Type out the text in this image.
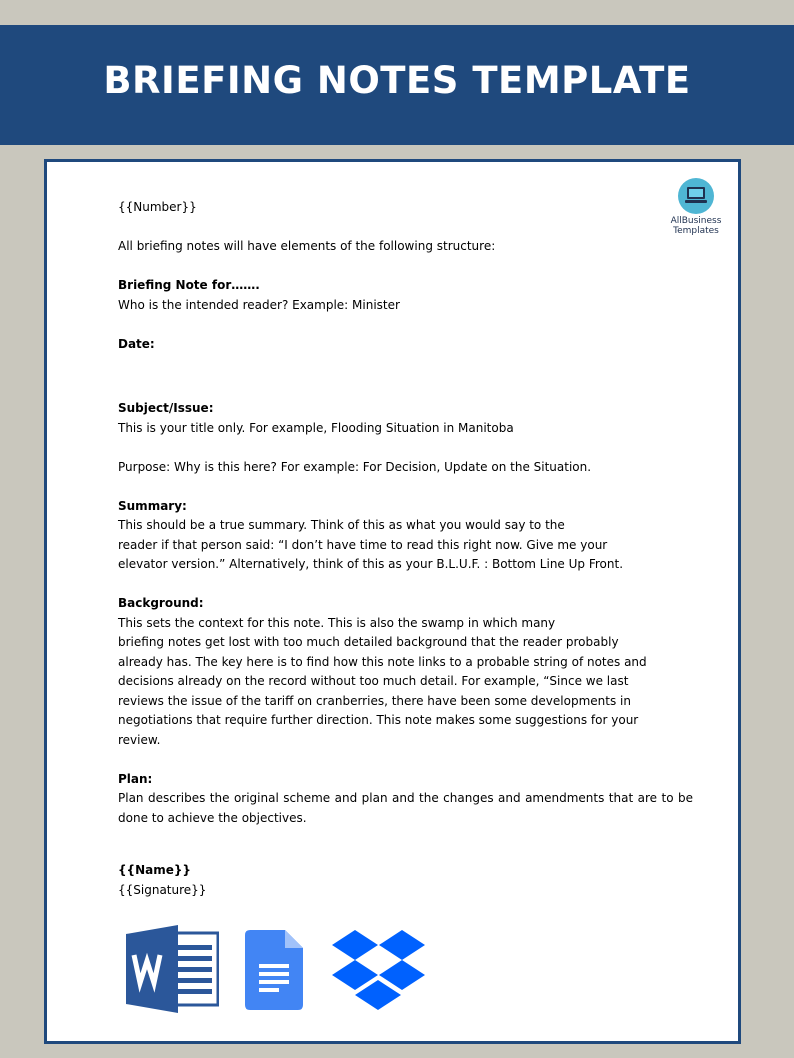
BRIEFING NOTES TEMPLATE
AllBusiness
Templates

{{Number}}

All briefing notes will have elements of the following structure:

Briefing Note for…….

Who is the intended reader? Example: Minister

Date:

Subject/Issue:

This is your title only. For example, Flooding Situation in Manitoba

Purpose: Why is this here? For example: For Decision, Update on the Situation.

Summary:

This should be a true summary. Think of this as what you would say to the

reader if that person said: “I don’t have time to read this right now. Give me your

elevator version.” Alternatively, think of this as your B.L.U.F. : Bottom Line Up Front.

Background:

This sets the context for this note. This is also the swamp in which many

briefing notes get lost with too much detailed background that the reader probably

already has. The key here is to find how this note links to a probable string of notes and

decisions already on the record without too much detail. For example, “Since we last

reviews the issue of the tariff on cranberries, there have been some developments in

negotiations that require further direction. This note makes some suggestions for your

review.

Plan:

Plan describes the original scheme and plan and the changes and amendments that are to be done to achieve the objectives.

{{Name}}

{{Signature}}
